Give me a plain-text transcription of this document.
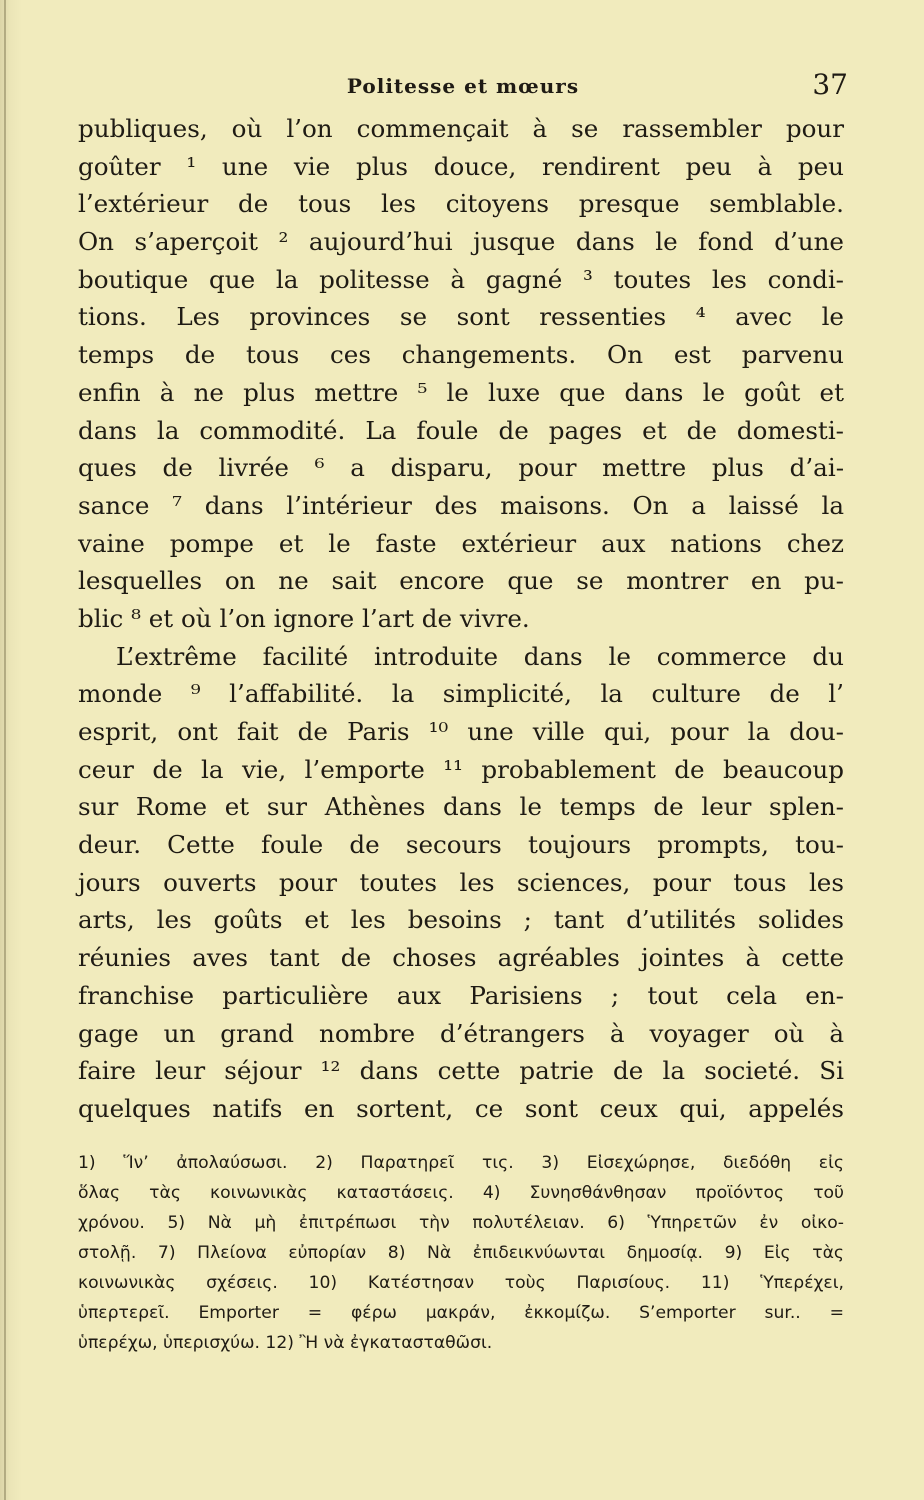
Politesse et mœurs	37
publiques, où l’on commençait à se rassembler pour
goûter ¹ une vie plus douce, rendirent peu à peu
l’extérieur de tous les citoyens presque semblable.
On s’aperçoit ² aujourd’hui jusque dans le fond d’une
boutique que la politesse à gagné ³ toutes les condi-
tions. Les provinces se sont ressenties ⁴ avec le
temps de tous ces changements. On est parvenu
enfin à ne plus mettre ⁵ le luxe que dans le goût et
dans la commodité. La foule de pages et de domesti-
ques de livrée ⁶ a disparu, pour mettre plus d’ai-
sance ⁷ dans l’intérieur des maisons. On a laissé la
vaine pompe et le faste extérieur aux nations chez
lesquelles on ne sait encore que se montrer en pu-
blic ⁸ et où l’on ignore l’art de vivre.
L’extrême facilité introduite dans le commerce du
monde ⁹ l’affabilité. la simplicité, la culture de l’
esprit, ont fait de Paris ¹⁰ une ville qui, pour la dou-
ceur de la vie, l’emporte ¹¹ probablement de beaucoup
sur Rome et sur Athènes dans le temps de leur splen-
deur. Cette foule de secours toujours prompts, tou-
jours ouverts pour toutes les sciences, pour tous les
arts, les goûts et les besoins ; tant d’utilités solides
réunies aves tant de choses agréables jointes à cette
franchise particulière aux Parisiens ; tout cela en-
gage un grand nombre d’étrangers à voyager où à
faire leur séjour ¹² dans cette patrie de la societé. Si
quelques natifs en sortent, ce sont ceux qui, appelés
1) Ἵν’ ἀπολαύσωσι. 2) Παρατηρεῖ τις. 3) Εἰσεχώρησε, διεδόθη εἰς
ὅλας τὰς κοινωνικὰς καταστάσεις. 4) Συνησθάνθησαν προϊόντος τοῦ
χρόνου. 5) Νὰ μὴ ἐπιτρέπωσι τὴν πολυτέλειαν. 6) Ὑπηρετῶν ἐν οἰκο-
στολῇ. 7) Πλείονα εὐπορίαν 8) Νὰ ἐπιδεικνύωνται δημοσίᾳ. 9) Εἰς τὰς
κοινωνικὰς σχέσεις. 10) Κατέστησαν τοὺς Παρισίους. 11) Ὑπερέχει,
ὑπερτερεῖ. Emporter = φέρω μακράν, ἐκκομίζω. S’emporter sur.. =
ὑπερέχω, ὑπερισχύω. 12) Ἢ νὰ ἐγκατασταθῶσι.
